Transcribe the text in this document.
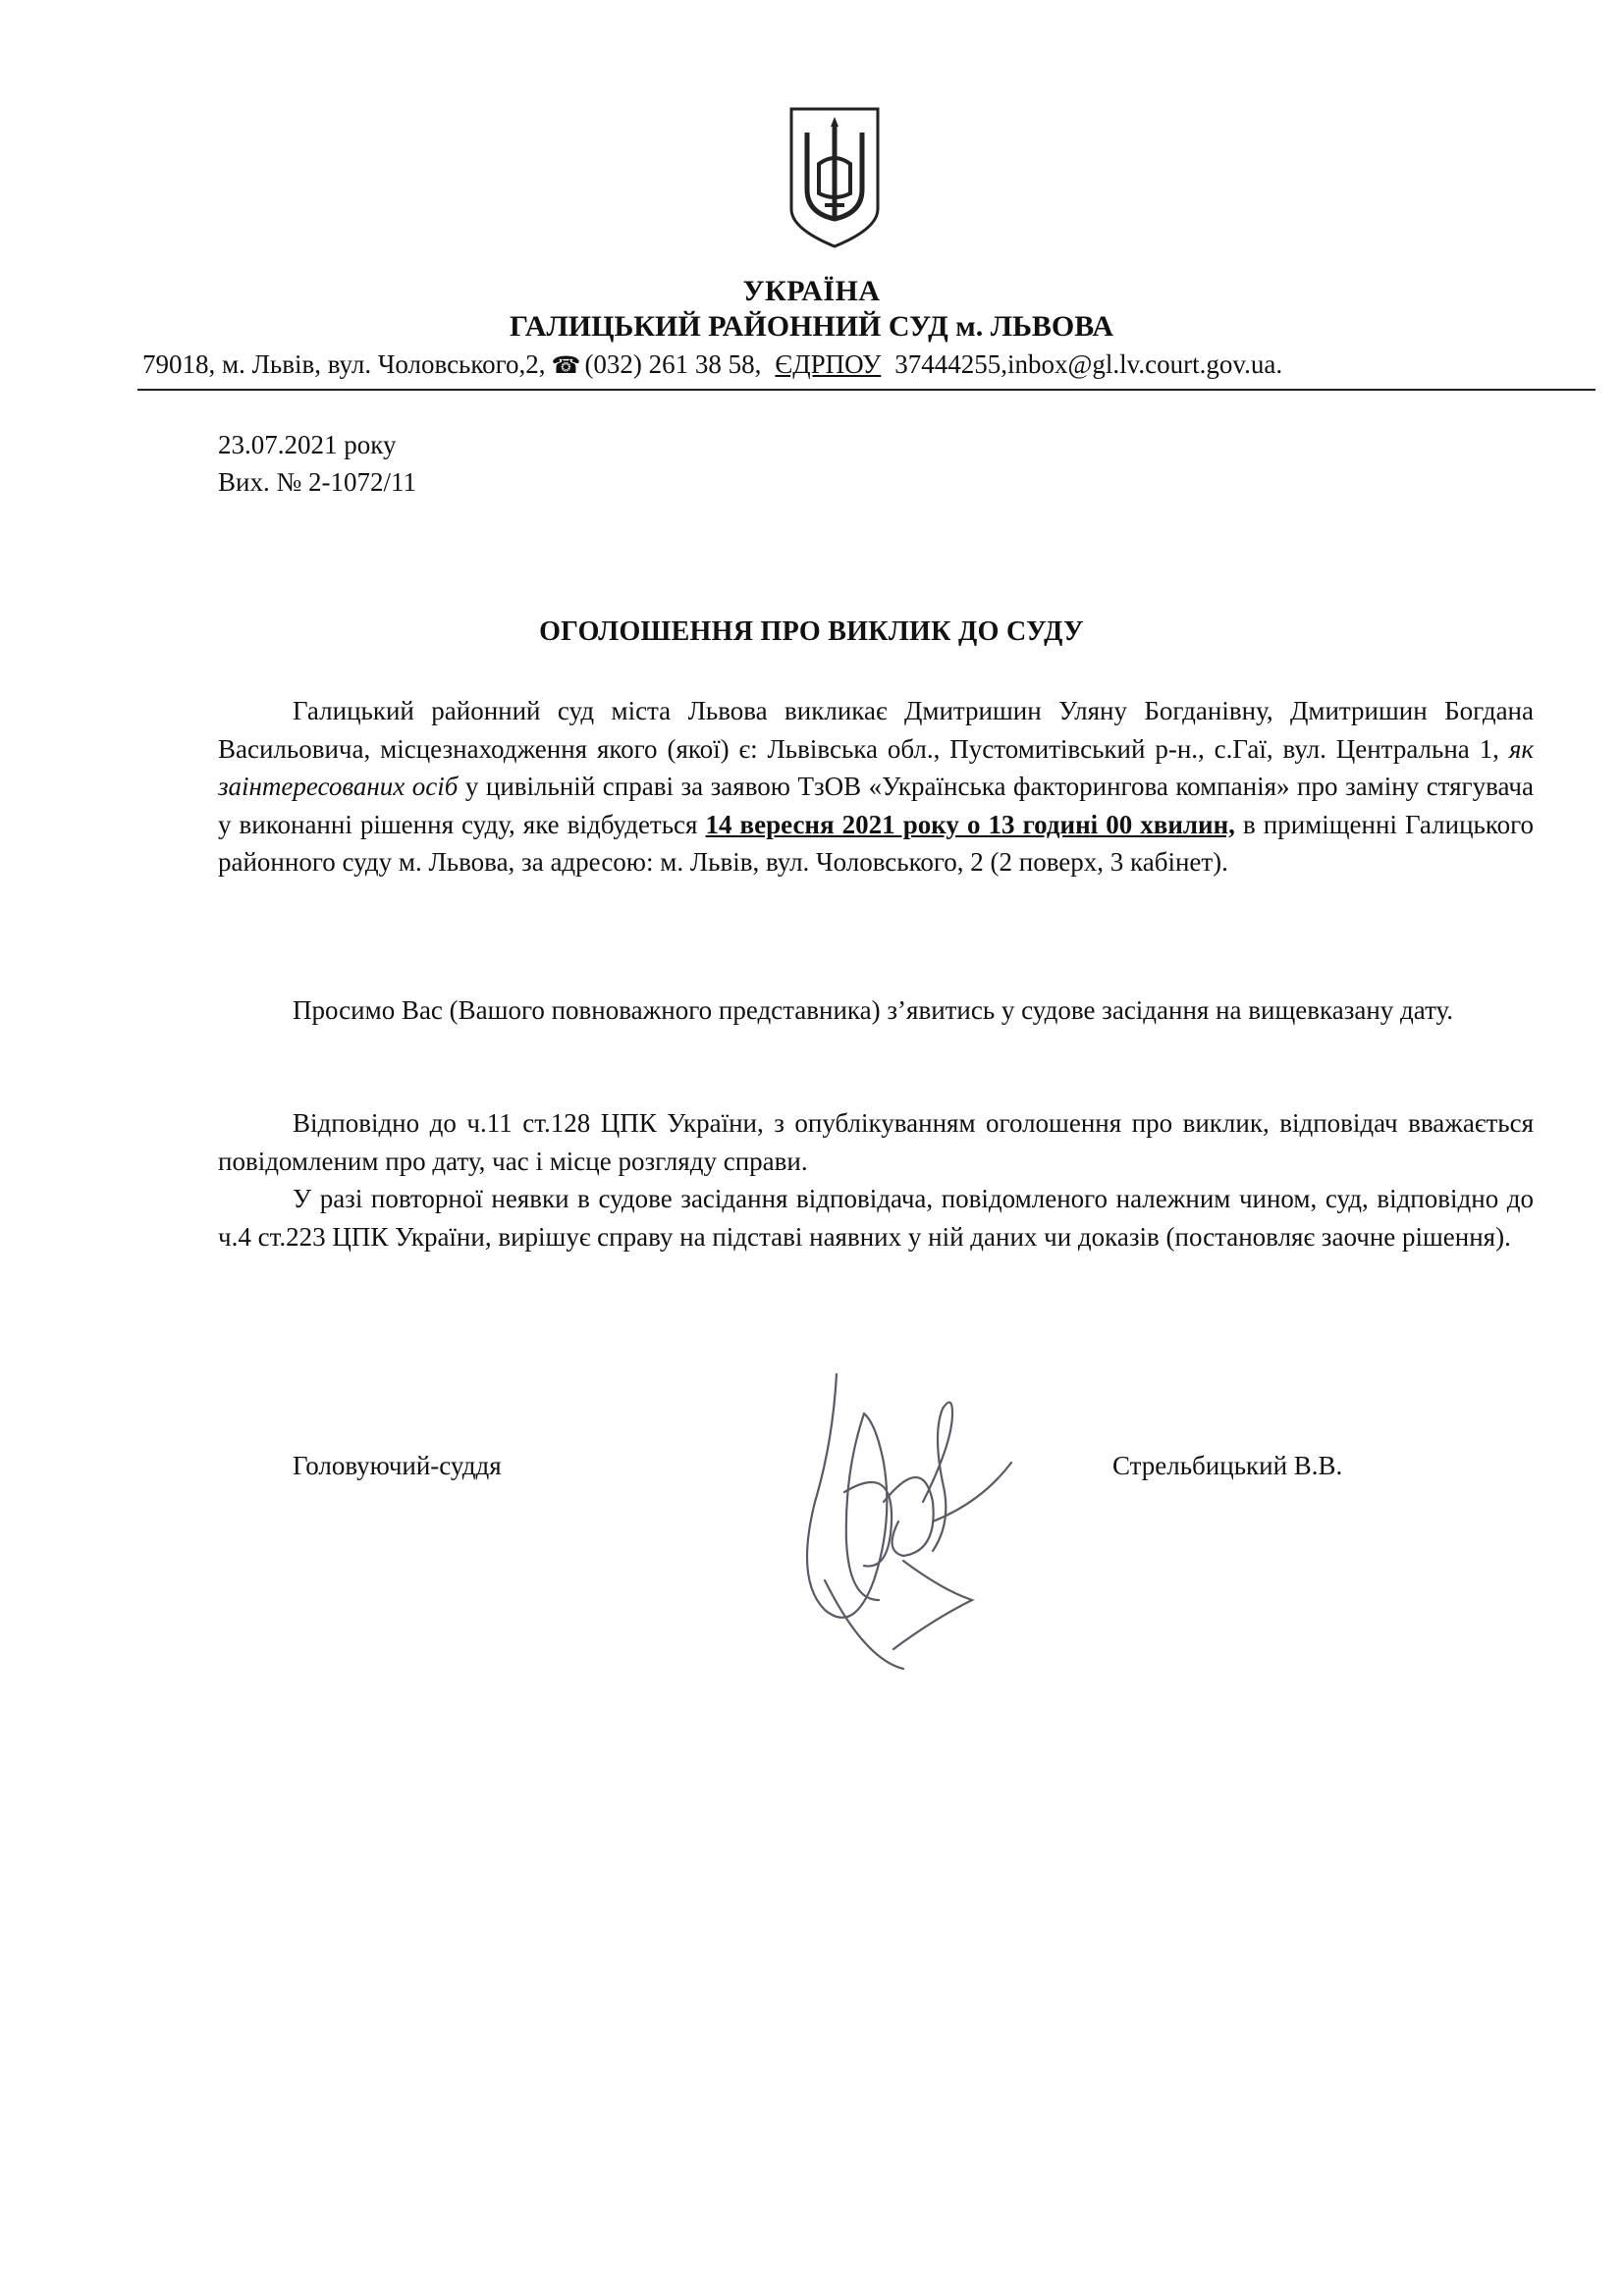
УКРАЇНА
ГАЛИЦЬКИЙ РАЙОННИЙ СУД м. ЛЬВОВА
79018, м. Львів, вул. Чоловського,2, ☎ (032) 261 38 58, ЄДРПОУ 37444255,inbox@gl.lv.court.gov.ua.
23.07.2021 року
Вих. № 2-1072/11
ОГОЛОШЕННЯ ПРО ВИКЛИК ДО СУДУ
Галицький районний суд міста Львова викликає Дмитришин Уляну Богданівну, Дмитришин Богдана Васильовича, місцезнаходження якого (якої) є: Львівська обл., Пустомитівський р-н., с.Гаї, вул. Центральна 1, як заінтересованих осіб у цивільній справі за заявою ТзОВ «Українська факторингова компанія» про заміну стягувача у виконанні рішення суду, яке відбудеться 14 вересня 2021 року о 13 годині 00 хвилин, в приміщенні Галицького районного суду м. Львова, за адресою: м. Львів, вул. Чоловського, 2 (2 поверх, 3 кабінет).
Просимо Вас (Вашого повноважного представника) з’явитись у судове засідання на вищевказану дату.
Відповідно до ч.11 ст.128 ЦПК України, з опублікуванням оголошення про виклик, відповідач вважається повідомленим про дату, час і місце розгляду справи.
У разі повторної неявки в судове засідання відповідача, повідомленого належним чином, суд, відповідно до ч.4 ст.223 ЦПК України, вирішує справу на підставі наявних у ній даних чи доказів (постановляє заочне рішення).
Головуючий-суддя	Стрельбицький В.В.
